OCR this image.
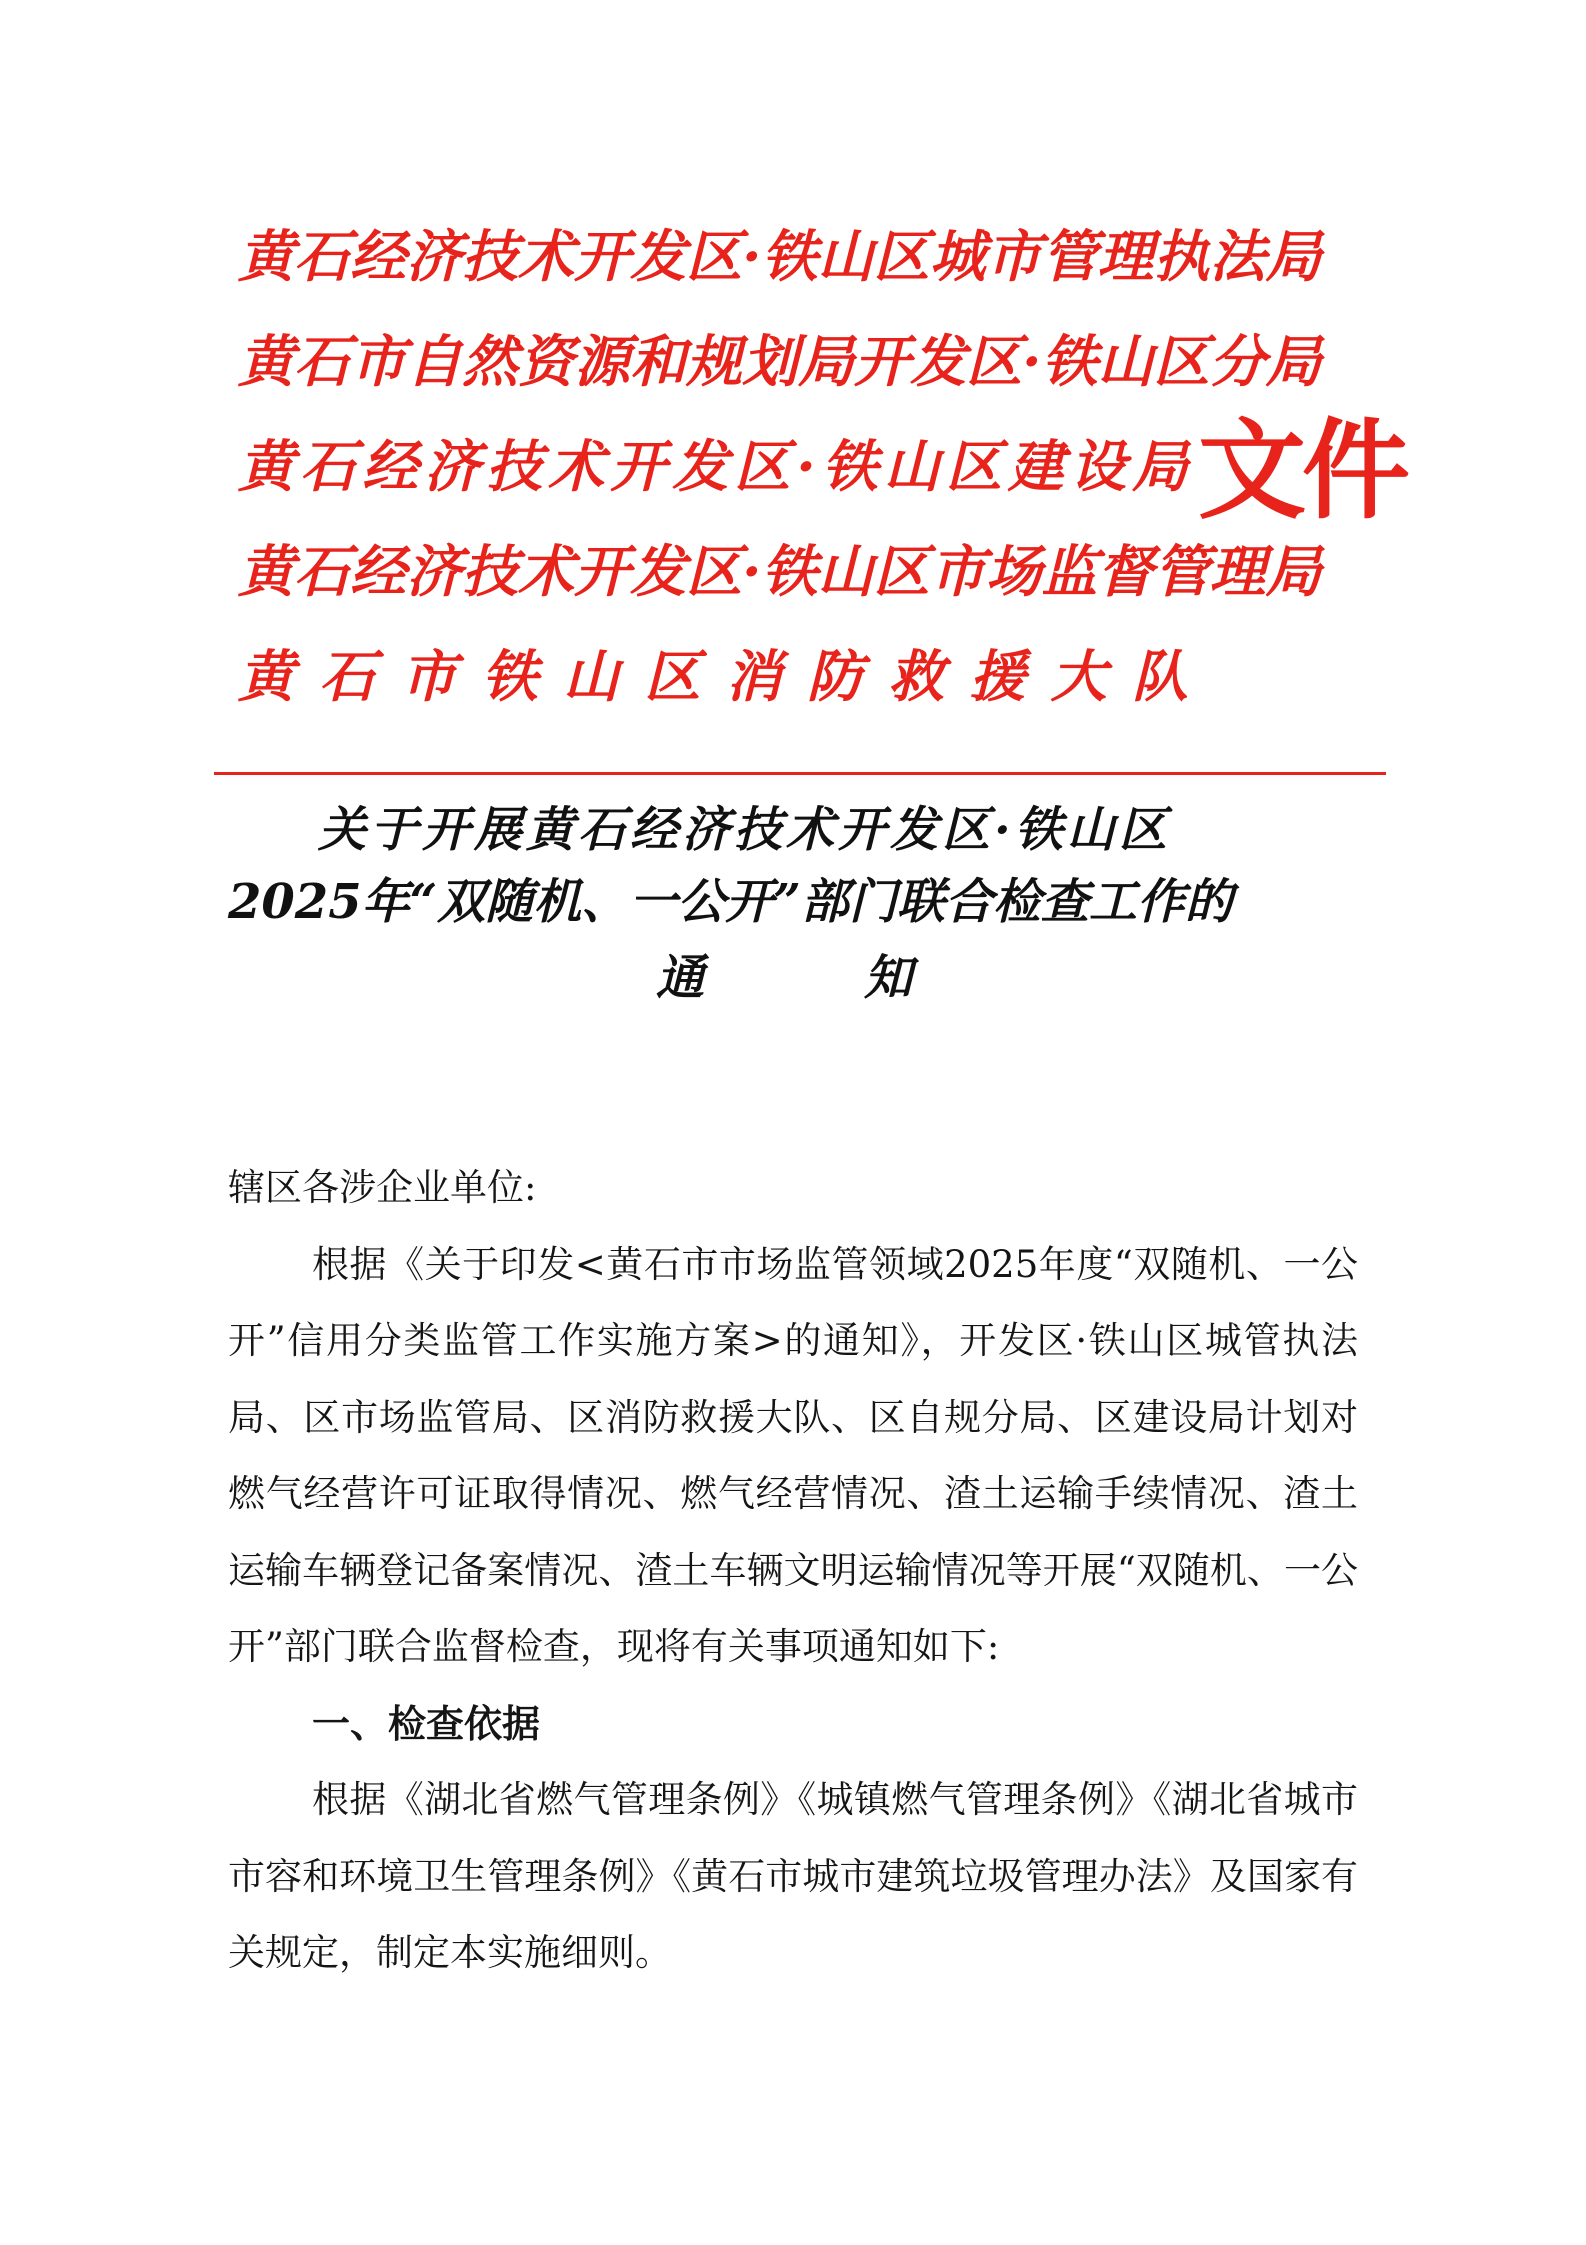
黄 石 经 济 技 术 开 发 区 · 铁 山 区 城 市 管 理 执 法 局
黄 石 市 自 然 资 源 和 规 划 局 开 发 区 · 铁 山 区 分 局
黄 石 经 济 技 术 开 发 区 · 铁 山 区 建 设 局
黄 石 经 济 技 术 开 发 区 · 铁 山 区 市 场 监 督 管 理 局
黄 石 市 铁 山 区 消 防 救 援 大 队
文件
关于开展黄石经济技术开发区·铁山区
2025年“双随机、一公开”部门联合检查工作的
通知

辖区各涉企业单位:

根据《关于印发<黄石市市场监管领域2025年度“双随机、一公开”信用分类监管工作实施方案>的通知》，开发区·铁山区城管执法局、区市场监管局、区消防救援大队、区自规分局、区建设局计划对燃气经营许可证取得情况、燃气经营情况、渣土运输手续情况、渣土运输车辆登记备案情况、渣土车辆文明运输情况等开展“双随机、一公开”部门联合监督检查，现将有关事项通知如下:

一、检查依据

根据《湖北省燃气管理条例》《城镇燃气管理条例》《湖北省城市市容和环境卫生管理条例》《黄石市城市建筑垃圾管理办法》及国家有关规定，制定本实施细则。
